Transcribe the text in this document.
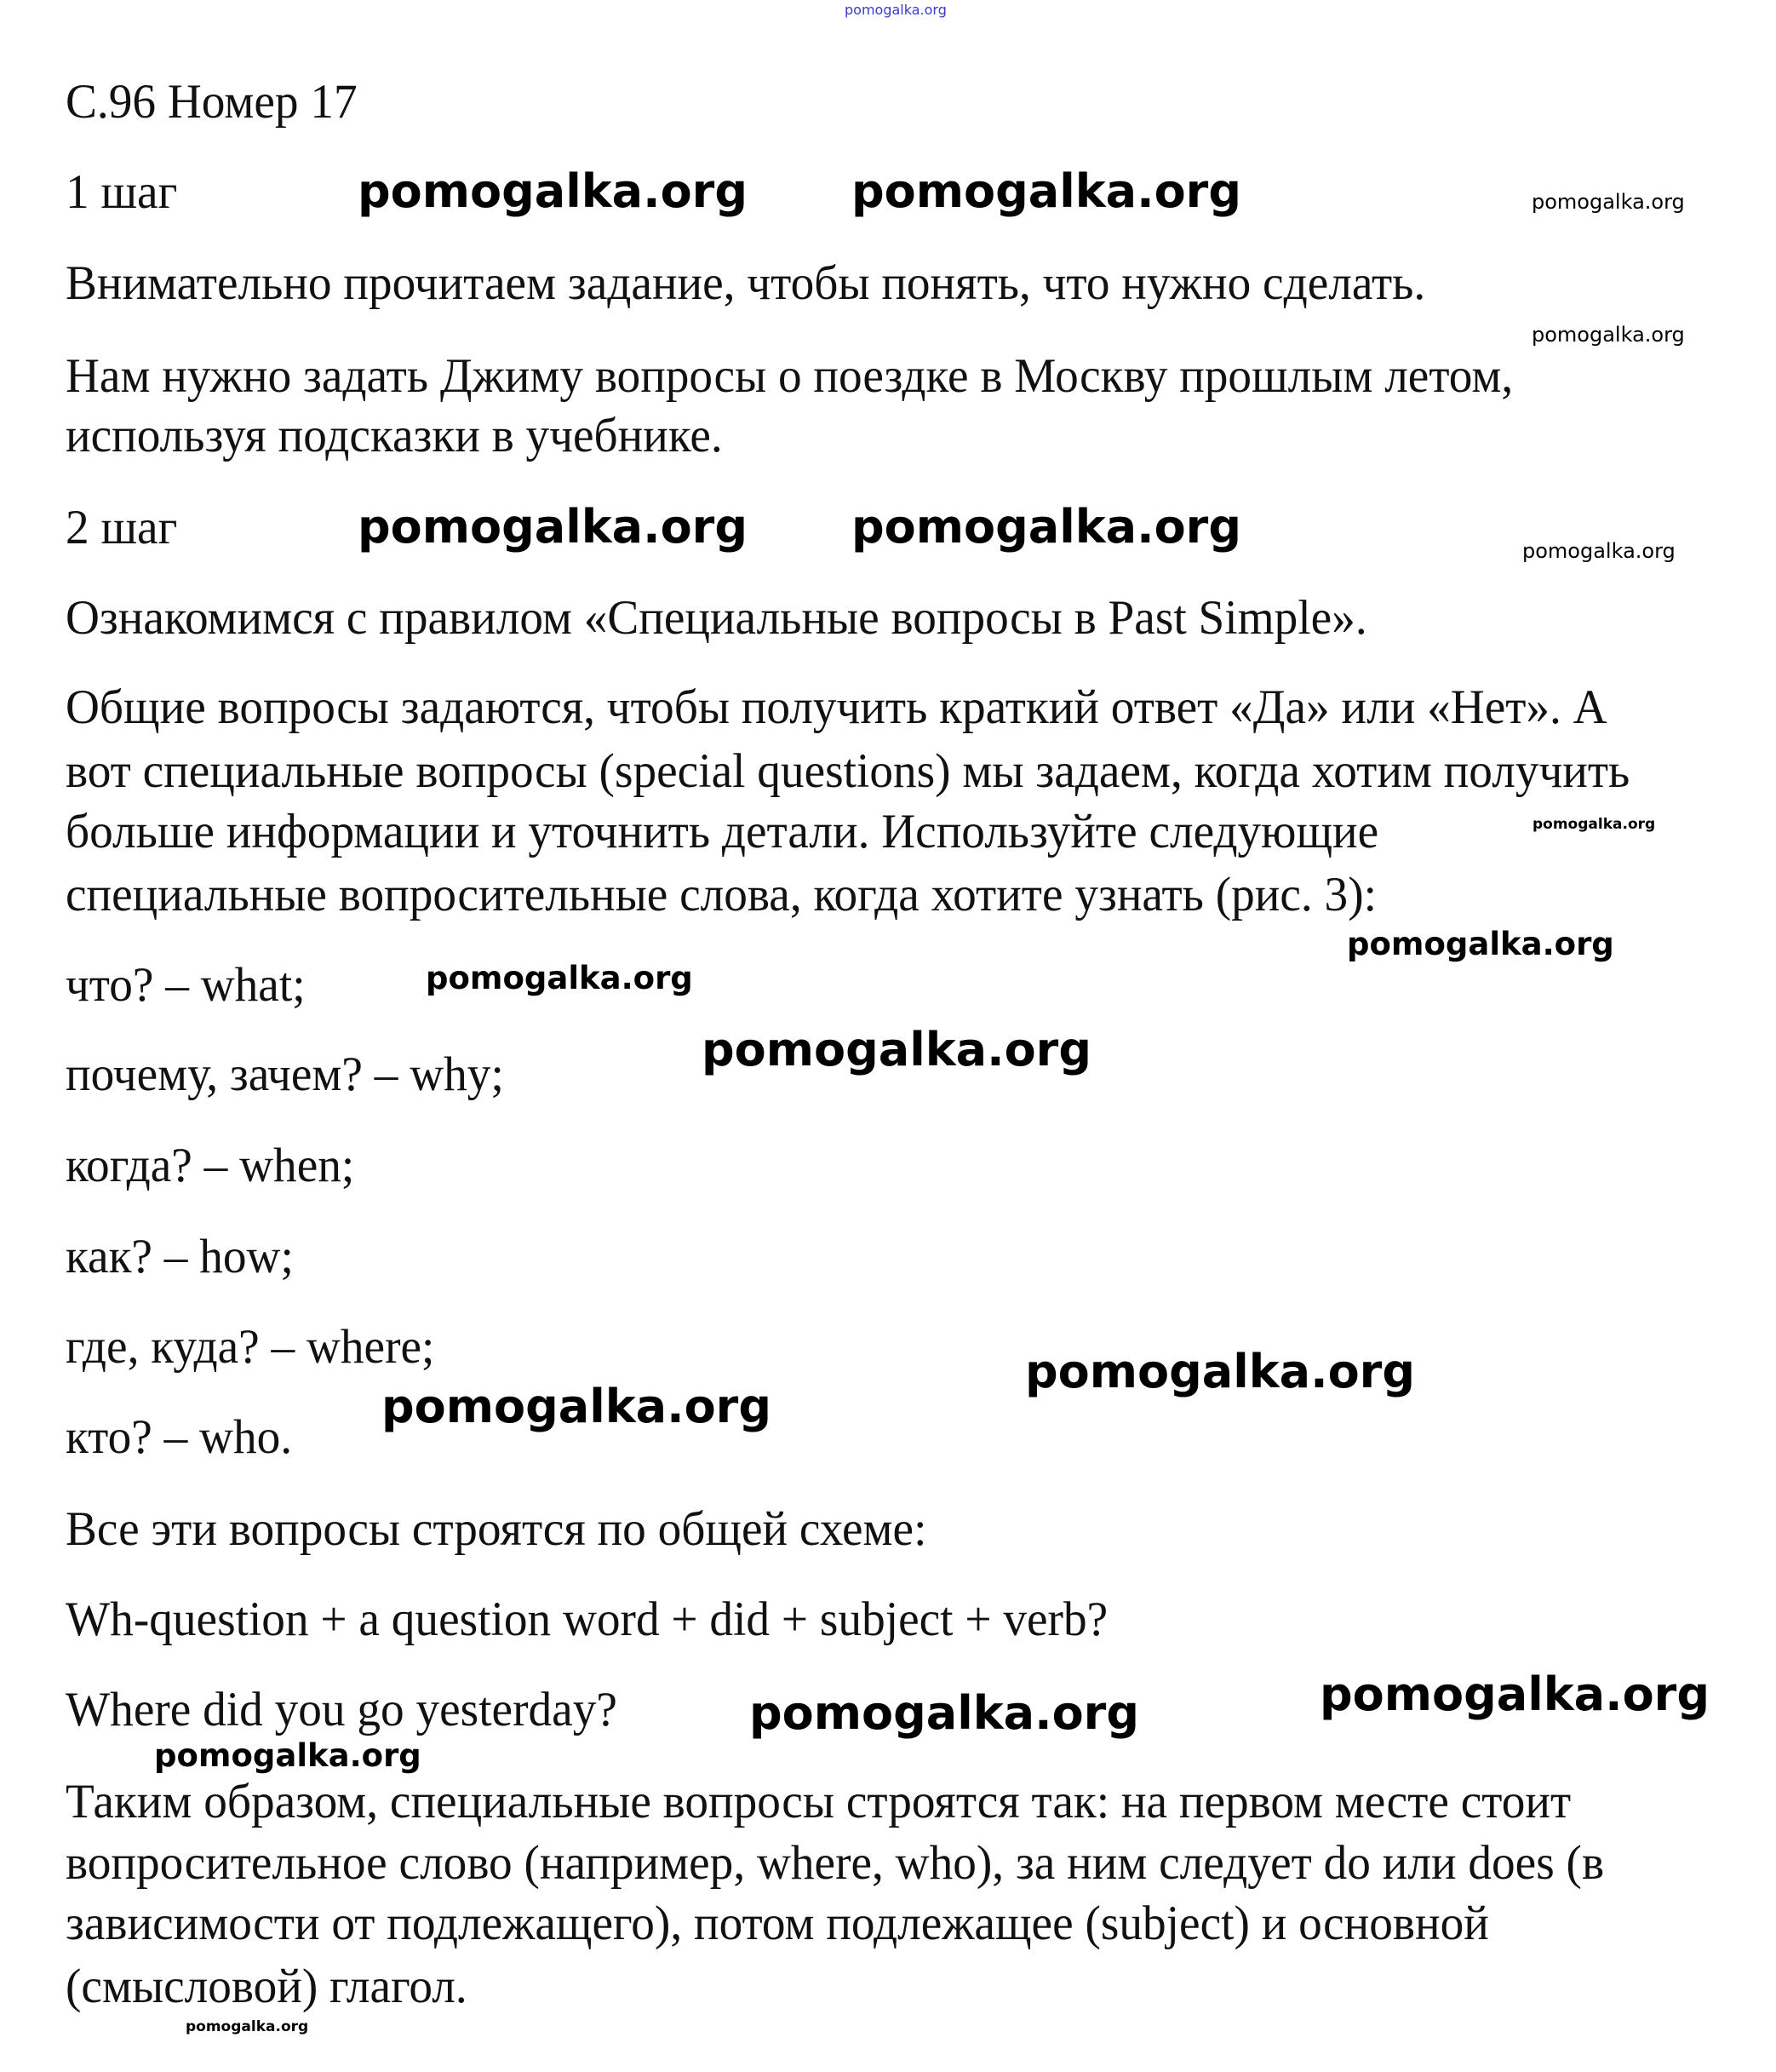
pomogalka.org
С.96 Номер 17
1 шаг
Внимательно прочитаем задание, чтобы понять, что нужно сделать.
Нам нужно задать Джиму вопросы о поездке в Москву прошлым летом,
используя подсказки в учебнике.
2 шаг
Ознакомимся с правилом «Специальные вопросы в Past Simple».
Общие вопросы задаются, чтобы получить краткий ответ «Да» или «Нет». А
вот специальные вопросы (special questions) мы задаем, когда хотим получить
больше информации и уточнить детали. Используйте следующие
специальные вопросительные слова, когда хотите узнать (рис. 3):
что? – what;
почему, зачем? – why;
когда? – when;
как? – how;
где, куда? – where;
кто? – who.
Все эти вопросы строятся по общей схеме:
Wh-question + a question word + did + subject + verb?
Where did you go yesterday?
Таким образом, специальные вопросы строятся так: на первом месте стоит
вопросительное слово (например, where, who), за ним следует do или does (в
зависимости от подлежащего), потом подлежащее (subject) и основной
(смысловой) глагол.
pomogalka.org pomogalka.org
pomogalka.org pomogalka.org
pomogalka.org
pomogalka.org
pomogalka.org
pomogalka.org
pomogalka.org
pomogalka.org
pomogalka.org
pomogalka.org
pomogalka.org
pomogalka.org
pomogalka.org
pomogalka.org
pomogalka.org
